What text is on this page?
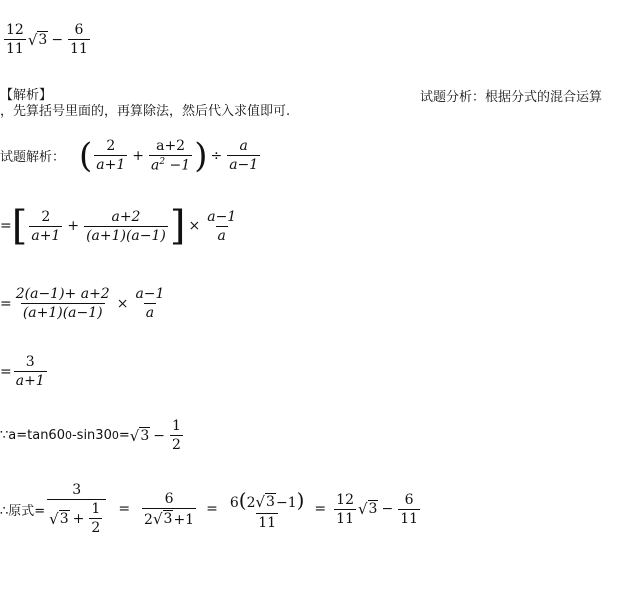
$\frac{12}{11}$ √ $3 - \frac{6}{11}$
【解析】	试题分析：根据分式的混合运算
，先算括号里面的，再算除法，然后代入求值即可.
试题解析： ( $\frac{2}{a+1} + \frac{a+2}{a^2 -1}$ ) ÷ $\frac{a}{a-1}$
= [ $\frac{2}{a+1} + \frac{a+2}{(a+1)(a-1)}$ ] × $\frac{a-1}{a}$
= $\frac{2(a-1)+ a+2}{(a+1)(a-1)} \times \frac{a-1}{a}$
= $\frac{3}{a+1}$
∵a=tan60 0 -sin30 0 = √ $3 - \frac{1}{2}$
∴原式= $\frac{3}{√ 3 + \frac{1}{2}} = \frac{6}{2 √ 3 +1} = \frac{6(2 √ 3 -1)}{11} = \frac{12}{11}$ √ $3 - \frac{6}{11}$
